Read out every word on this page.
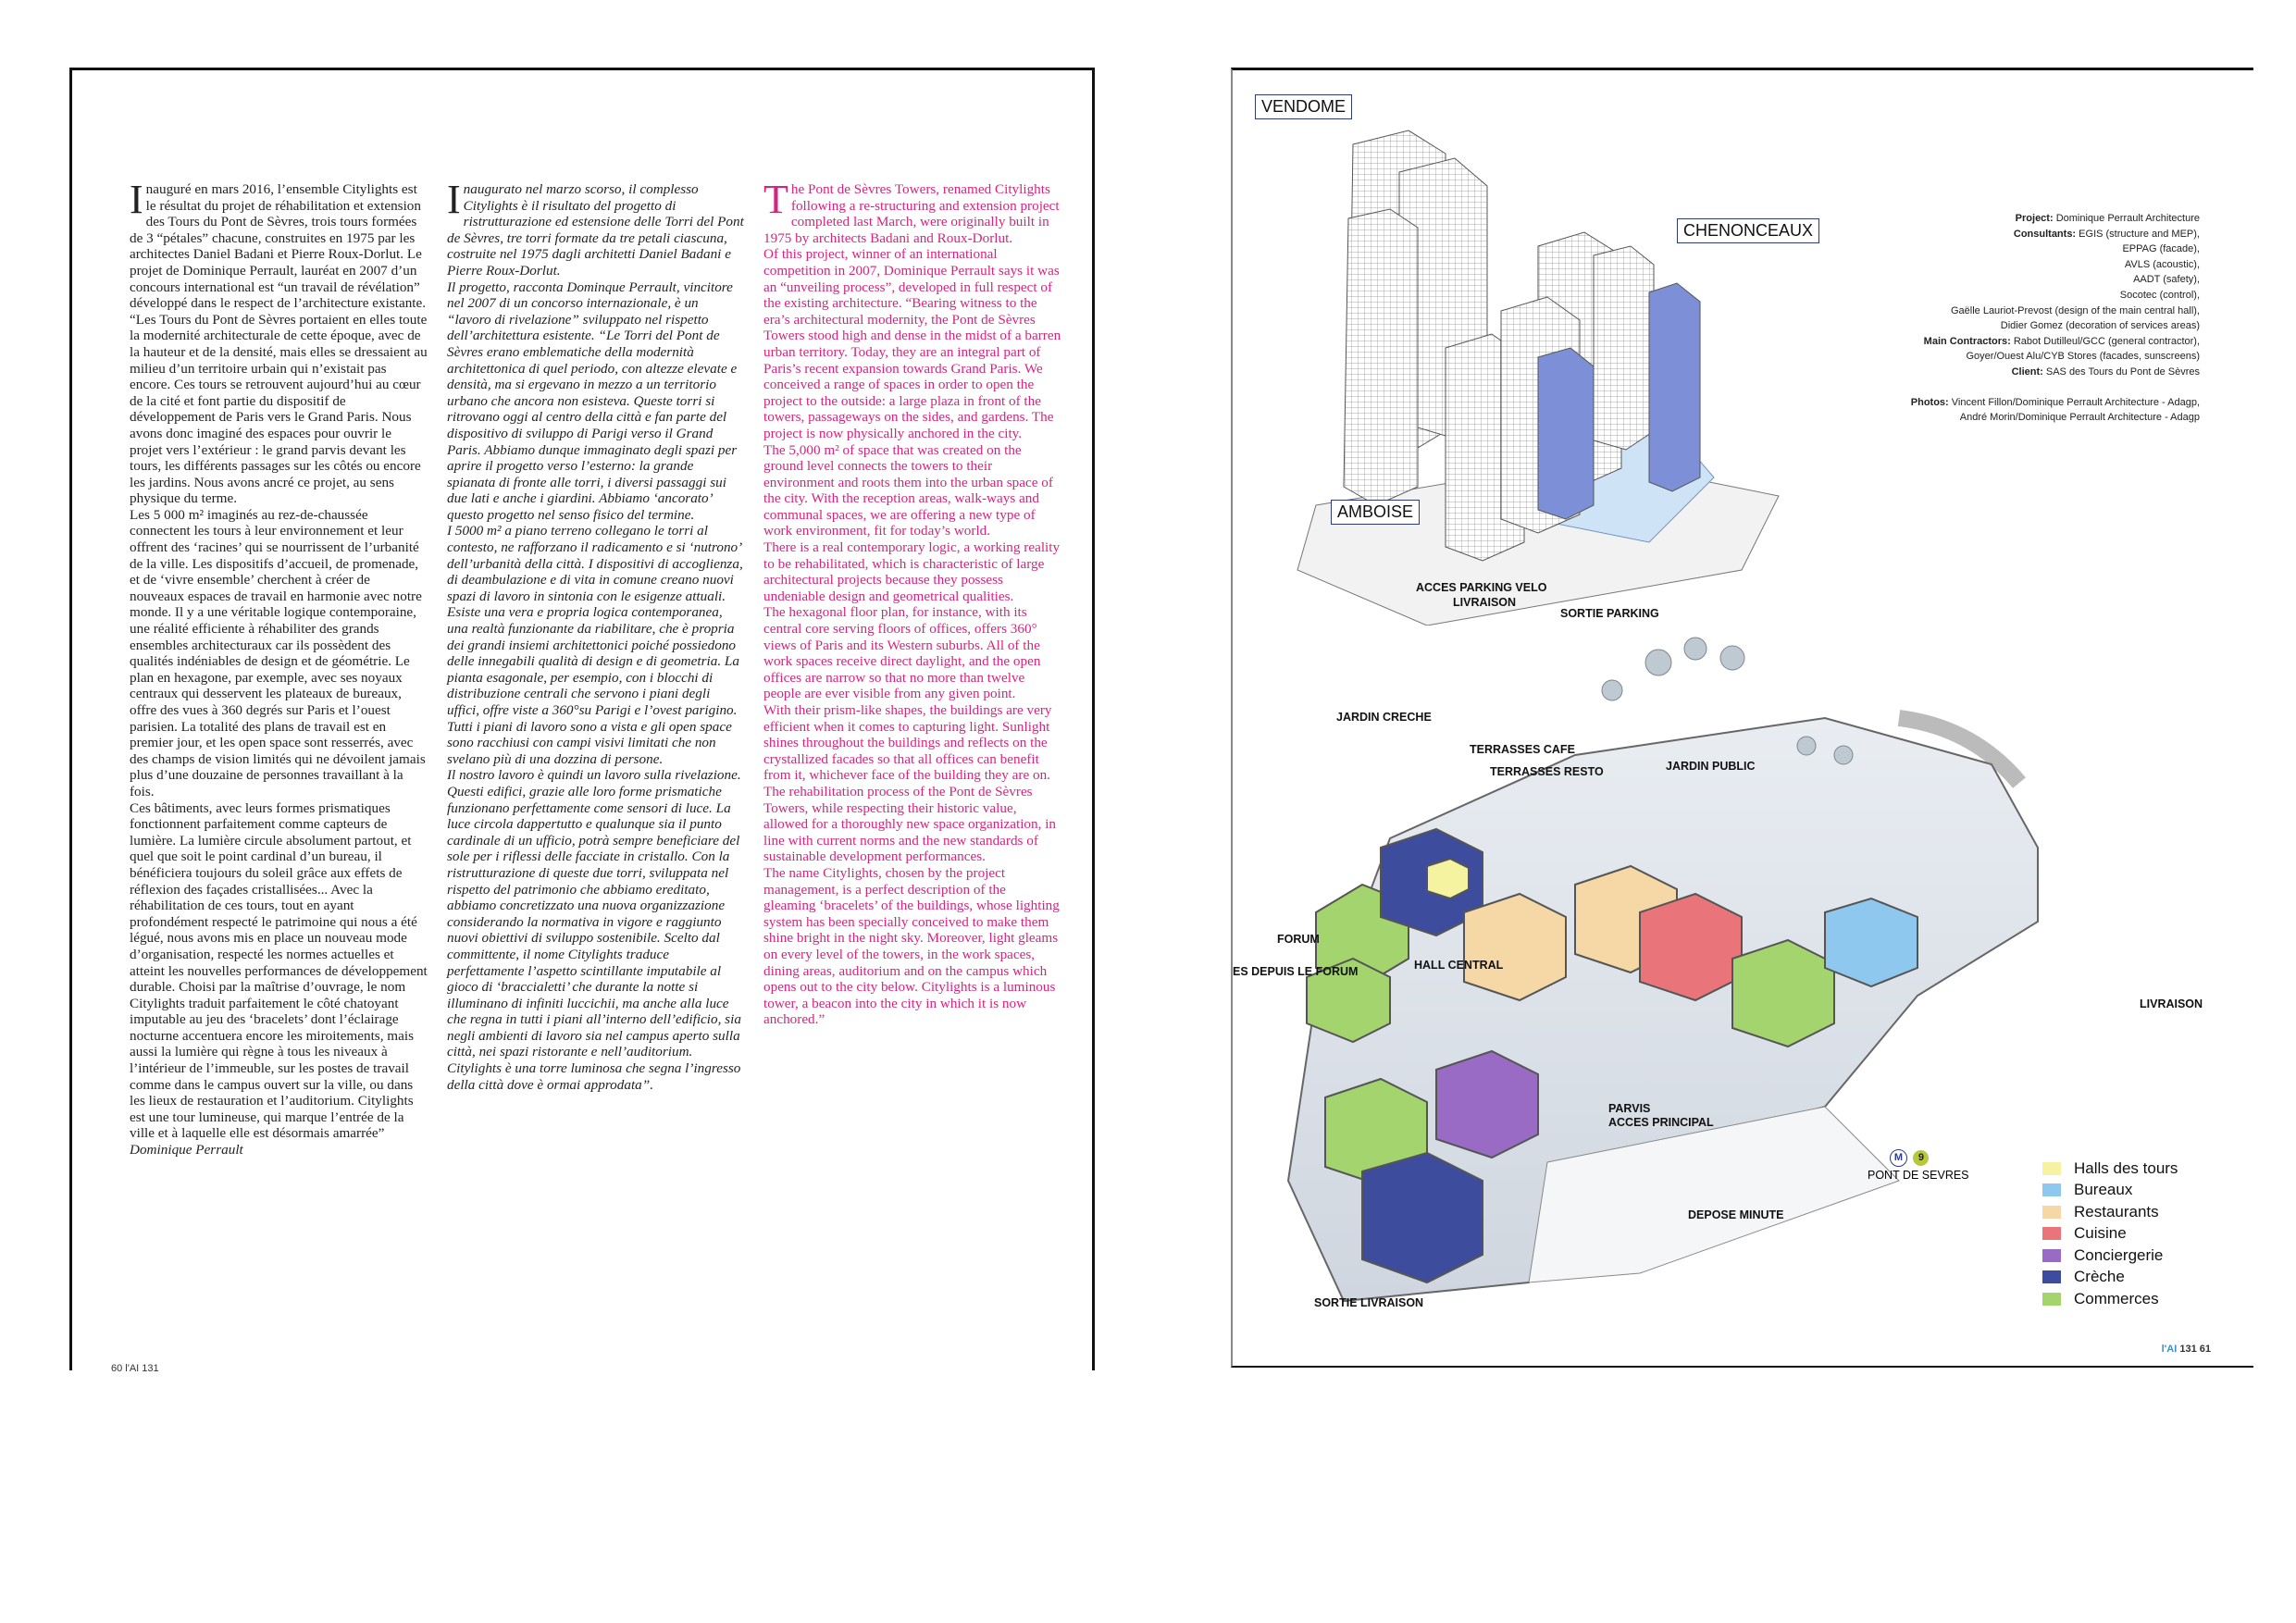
Inauguré en mars 2016, l’ensemble Citylights est le résultat du projet de réhabilitation et extension des Tours du Pont de Sèvres, trois tours formées de 3 “pétales” chacune, construites en 1975 par les architectes Daniel Badani et Pierre Roux-Dorlut. Le projet de Dominique Perrault, lauréat en 2007 d’un concours international est “un travail de révélation” développé dans le respect de l’architecture existante. “Les Tours du Pont de Sèvres portaient en elles toute la modernité architecturale de cette époque, avec de la hauteur et de la densité, mais elles se dressaient au milieu d’un territoire urbain qui n’existait pas encore. Ces tours se retrouvent aujourd’hui au cœur de la cité et font partie du dispositif de développement de Paris vers le Grand Paris. Nous avons donc imaginé des espaces pour ouvrir le projet vers l’extérieur : le grand parvis devant les tours, les différents passages sur les côtés ou encore les jardins. Nous avons ancré ce projet, au sens physique du terme.

Les 5 000 m² imaginés au rez-de-chaussée connectent les tours à leur environnement et leur offrent des ‘racines’ qui se nourrissent de l’urbanité de la ville. Les dispositifs d’accueil, de promenade, et de ‘vivre ensemble’ cherchent à créer de nouveaux espaces de travail en harmonie avec notre monde. Il y a une véritable logique contemporaine, une réalité efficiente à réhabiliter des grands ensembles architecturaux car ils possèdent des qualités indéniables de design et de géométrie. Le plan en hexagone, par exemple, avec ses noyaux centraux qui desservent les plateaux de bureaux, offre des vues à 360 degrés sur Paris et l’ouest parisien. La totalité des plans de travail est en premier jour, et les open space sont resserrés, avec des champs de vision limités qui ne dévoilent jamais plus d’une douzaine de personnes travaillant à la fois.

Ces bâtiments, avec leurs formes prismatiques fonctionnent parfaitement comme capteurs de lumière. La lumière circule absolument partout, et quel que soit le point cardinal d’un bureau, il bénéficiera toujours du soleil grâce aux effets de réflexion des façades cristallisées... Avec la réhabilitation de ces tours, tout en ayant profondément respecté le patrimoine qui nous a été légué, nous avons mis en place un nouveau mode d’organisation, respecté les normes actuelles et atteint les nouvelles performances de développement durable. Choisi par la maîtrise d’ouvrage, le nom Citylights traduit parfaitement le côté chatoyant imputable au jeu des ‘bracelets’ dont l’éclairage nocturne accentuera encore les miroitements, mais aussi la lumière qui règne à tous les niveaux à l’intérieur de l’immeuble, sur les postes de travail comme dans le campus ouvert sur la ville, ou dans les lieux de restauration et l’auditorium. Citylights est une tour lumineuse, qui marque l’entrée de la ville et à laquelle elle est désormais amarrée”

Dominique Perrault

Inaugurato nel marzo scorso, il complesso Citylights è il risultato del progetto di ristrutturazione ed estensione delle Torri del Pont de Sèvres, tre torri formate da tre petali ciascuna, costruite nel 1975 dagli architetti Daniel Badani e Pierre Roux-Dorlut.

Il progetto, racconta Dominque Perrault, vincitore nel 2007 di un concorso internazionale, è un “lavoro di rivelazione” sviluppato nel rispetto dell’architettura esistente. “Le Torri del Pont de Sèvres erano emblematiche della modernità architettonica di quel periodo, con altezze elevate e densità, ma si ergevano in mezzo a un territorio urbano che ancora non esisteva. Queste torri si ritrovano oggi al centro della città e fan parte del dispositivo di sviluppo di Parigi verso il Grand Paris. Abbiamo dunque immaginato degli spazi per aprire il progetto verso l’esterno: la grande spianata di fronte alle torri, i diversi passaggi sui due lati e anche i giardini. Abbiamo ‘ancorato’ questo progetto nel senso fisico del termine.

I 5000 m² a piano terreno collegano le torri al contesto, ne rafforzano il radicamento e si ‘nutrono’ dell’urbanità della città. I dispositivi di accoglienza, di deambulazione e di vita in comune creano nuovi spazi di lavoro in sintonia con le esigenze attuali. Esiste una vera e propria logica contemporanea, una realtà funzionante da riabilitare, che è propria dei grandi insiemi architettonici poiché possiedono delle innegabili qualità di design e di geometria. La pianta esagonale, per esempio, con i blocchi di distribuzione centrali che servono i piani degli uffici, offre viste a 360°su Parigi e l’ovest parigino. Tutti i piani di lavoro sono a vista e gli open space sono racchiusi con campi visivi limitati che non svelano più di una dozzina di persone.

Il nostro lavoro è quindi un lavoro sulla rivelazione. Questi edifici, grazie alle loro forme prismatiche funzionano perfettamente come sensori di luce. La luce circola dappertutto e qualunque sia il punto cardinale di un ufficio, potrà sempre beneficiare del sole per i riflessi delle facciate in cristallo. Con la ristrutturazione di queste due torri, sviluppata nel rispetto del patrimonio che abbiamo ereditato, abbiamo concretizzato una nuova organizzazione considerando la normativa in vigore e raggiunto nuovi obiettivi di sviluppo sostenibile. Scelto dal committente, il nome Citylights traduce perfettamente l’aspetto scintillante imputabile al gioco di ‘braccialetti’ che durante la notte si illuminano di infiniti luccichii, ma anche alla luce che regna in tutti i piani all’interno dell’edificio, sia negli ambienti di lavoro sia nel campus aperto sulla città, nei spazi ristorante e nell’auditorium. Citylights è una torre luminosa che segna l’ingresso della città dove è ormai approdata”.

The Pont de Sèvres Towers, renamed Citylights following a re-structuring and extension project completed last March, were originally built in 1975 by architects Badani and Roux-Dorlut.

Of this project, winner of an international competition in 2007, Dominique Perrault says it was an “unveiling process”, developed in full respect of the existing architecture. “Bearing witness to the era’s architectural modernity, the Pont de Sèvres Towers stood high and dense in the midst of a barren urban territory. Today, they are an integral part of Paris’s recent expansion towards Grand Paris. We conceived a range of spaces in order to open the project to the outside: a large plaza in front of the towers, passageways on the sides, and gardens. The project is now physically anchored in the city.

The 5,000 m² of space that was created on the ground level connects the towers to their environment and roots them into the urban space of the city. With the reception areas, walk-ways and communal spaces, we are offering a new type of work environment, fit for today’s world.

There is a real contemporary logic, a working reality to be rehabilitated, which is characteristic of large architectural projects because they possess undeniable design and geometrical qualities.

The hexagonal floor plan, for instance, with its central core serving floors of offices, offers 360° views of Paris and its Western suburbs. All of the work spaces receive direct daylight, and the open offices are narrow so that no more than twelve people are ever visible from any given point.

With their prism-like shapes, the buildings are very efficient when it comes to capturing light. Sunlight shines throughout the buildings and reflects on the crystallized facades so that all offices can benefit from it, whichever face of the building they are on. The rehabilitation process of the Pont de Sèvres Towers, while respecting their historic value, allowed for a thoroughly new space organization, in line with current norms and the new standards of sustainable development performances.

The name Citylights, chosen by the project management, is a perfect description of the gleaming ‘bracelets’ of the buildings, whose lighting system has been specially conceived to make them shine bright in the night sky. Moreover, light gleams on every level of the towers, in the work spaces, dining areas, auditorium and on the campus which opens out to the city below. Citylights is a luminous tower, a beacon into the city in which it is now anchored.”

60 l'AI 131
VENDOME
CHENONCEAUX
AMBOISE
Project: Dominique Perrault Architecture
Consultants: EGIS (structure and MEP),
EPPAG (facade),
AVLS (acoustic),
AADT (safety),
Socotec (control),
Gaëlle Lauriot-Prevost (design of the main central hall),
Didier Gomez (decoration of services areas)
Main Contractors: Rabot Dutilleul/GCC (general contractor),
Goyer/Ouest Alu/CYB Stores (facades, sunscreens)
Client: SAS des Tours du Pont de Sèvres
Photos: Vincent Fillon/Dominique Perrault Architecture - Adagp,
André Morin/Dominique Perrault Architecture - Adagp
ACCES PARKING VELO
LIVRAISON
SORTIE PARKING
JARDIN CRECHE
TERRASSES CAFE
TERRASSES RESTO	JARDIN PUBLIC
FORUM
ES DEPUIS LE FORUM	HALL CENTRAL
LIVRAISON
PARVIS
ACCES PRINCIPAL
DEPOSE MINUTE
SORTIE LIVRAISON
M 9
PONT DE SEVRES	Halls des tours
Bureaux
Restaurants
Cuisine
Conciergerie
Crèche
Commerces
l'AI 131 61
